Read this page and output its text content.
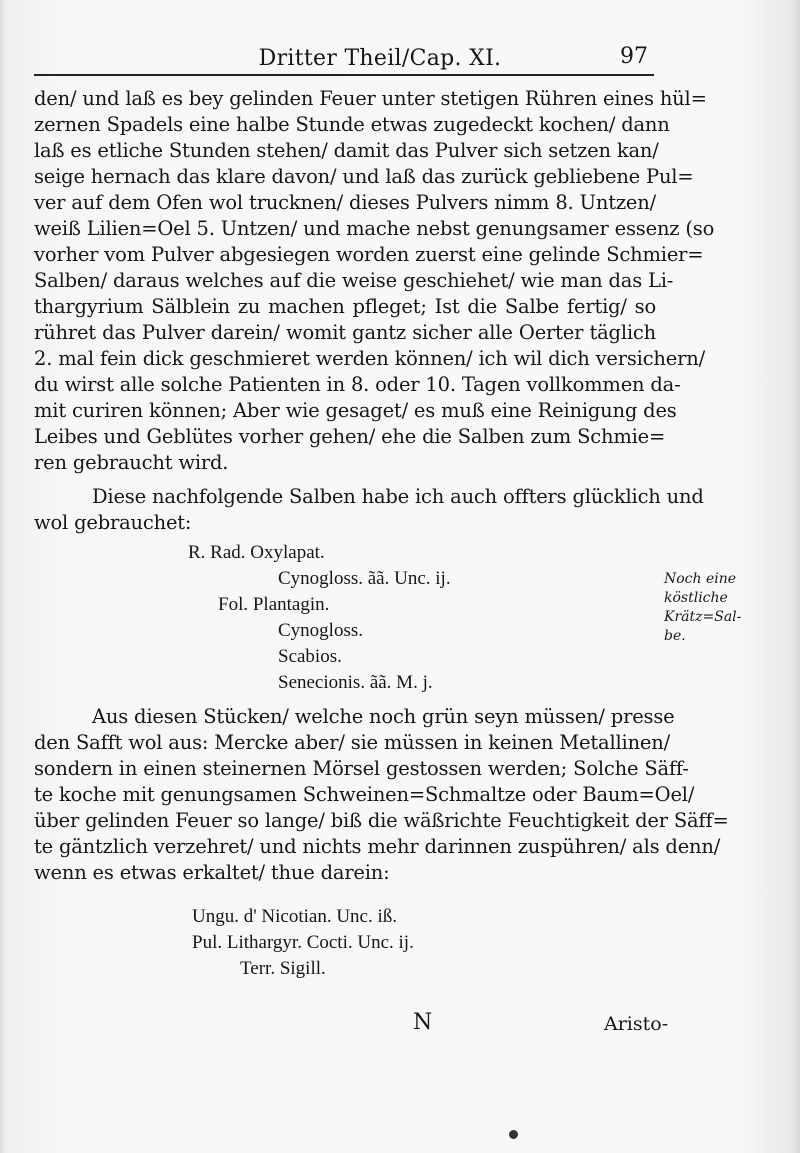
Dritter Theil/Cap. XI.	97
den/ und laß es bey gelinden Feuer unter stetigen Rühren eines hül=
zernen Spadels eine halbe Stunde etwas zugedeckt kochen/ dann
laß es etliche Stunden stehen/ damit das Pulver sich setzen kan/
seige hernach das klare davon/ und laß das zurück gebliebene Pul=
ver auf dem Ofen wol trucknen/ dieses Pulvers nimm 8. Untzen/
weiß Lilien=Oel 5. Untzen/ und mache nebst genungsamer essenz (so
vorher vom Pulver abgesiegen worden zuerst eine gelinde Schmier=
Salben/ daraus welches auf die weise geschiehet/ wie man das Li-
thargyrium Sälblein zu machen pfleget; Ist die Salbe fertig/ so
rühret das Pulver darein/ womit gantz sicher alle Oerter täglich
2. mal fein dick geschmieret werden können/ ich wil dich versichern/
du wirst alle solche Patienten in 8. oder 10. Tagen vollkommen da-
mit curiren können; Aber wie gesaget/ es muß eine Reinigung des
Leibes und Geblütes vorher gehen/ ehe die Salben zum Schmie=
ren gebraucht wird.
Diese nachfolgende Salben habe ich auch offters glücklich und
wol gebrauchet:
R. Rad. Oxylapat.
Cynogloss. ãã. Unc. ij.
Fol. Plantagin.
Cynogloss.
Scabios.
Senecionis. ãã. M. j.
Noch eine
köstliche
Krätz=Sal-
be.
Aus diesen Stücken/ welche noch grün seyn müssen/ presse
den Safft wol aus: Mercke aber/ sie müssen in keinen Metallinen/
sondern in einen steinernen Mörsel gestossen werden; Solche Säff-
te koche mit genungsamen Schweinen=Schmaltze oder Baum=Oel/
über gelinden Feuer so lange/ biß die wäßrichte Feuchtigkeit der Säff=
te gäntzlich verzehret/ und nichts mehr darinnen zuspühren/ als denn/
wenn es etwas erkaltet/ thue darein:
Ungu. d' Nicotian. Unc. iß.
Pul. Lithargyr. Cocti. Unc. ij.
Terr. Sigill.
N	Aristo-
